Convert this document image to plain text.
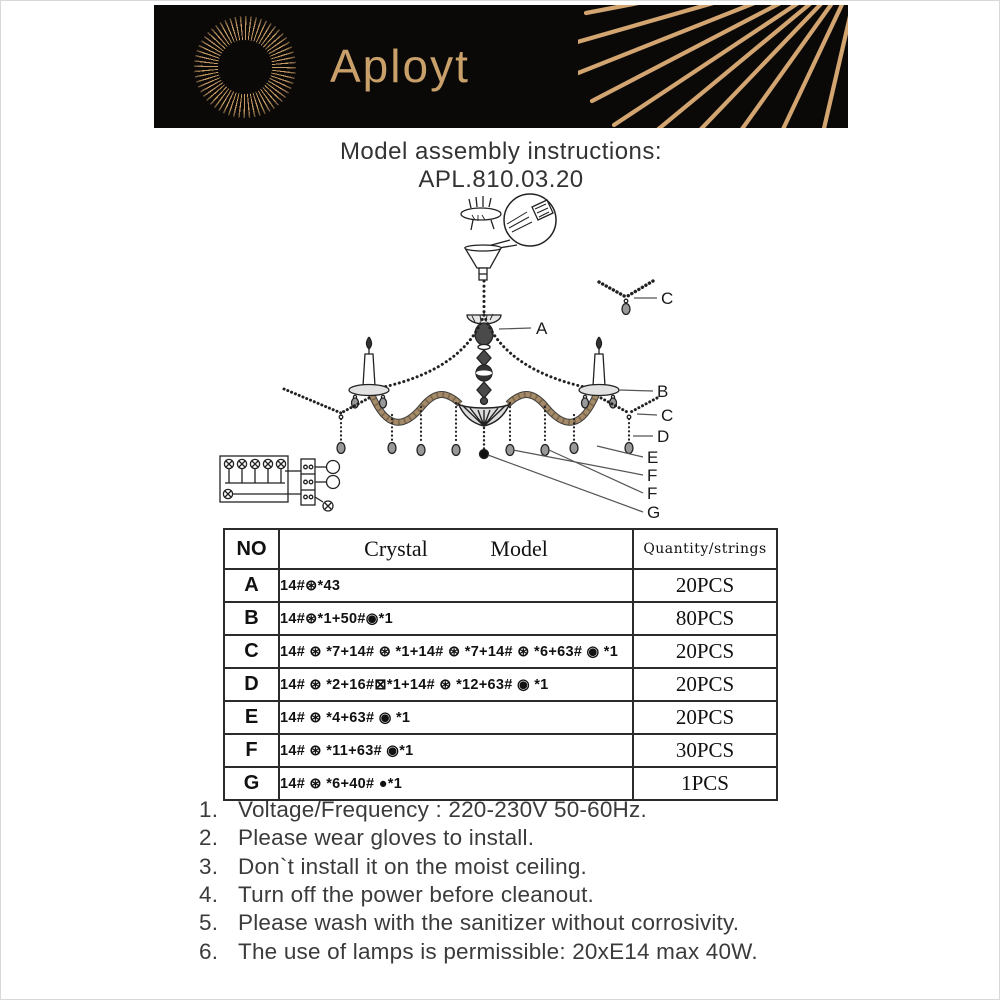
Aployt
Model assembly instructions:
APL.810.03.20
A
B
C
C
D
E
F
F
G
NO	Crystal Model	Quantity/strings
A	14#⊛*43	20PCS
B	14#⊛*1+50#◉*1	80PCS
C	14# ⊛ *7+14# ⊛ *1+14# ⊛ *7+14# ⊛ *6+63# ◉ *1	20PCS
D	14# ⊛ *2+16#⊠*1+14# ⊛ *12+63# ◉ *1	20PCS
E	14# ⊛ *4+63# ◉ *1	20PCS
F	14# ⊛ *11+63# ◉*1	30PCS
G	14# ⊛ *6+40# ●*1	1PCS
1. Voltage/Frequency : 220-230V 50-60Hz.
2. Please wear gloves to install.
3. Don`t install it on the moist ceiling.
4. Turn off the power before cleanout.
5. Please wash with the sanitizer without corrosivity.
6. The use of lamps is permissible: 20xE14 max 40W.
